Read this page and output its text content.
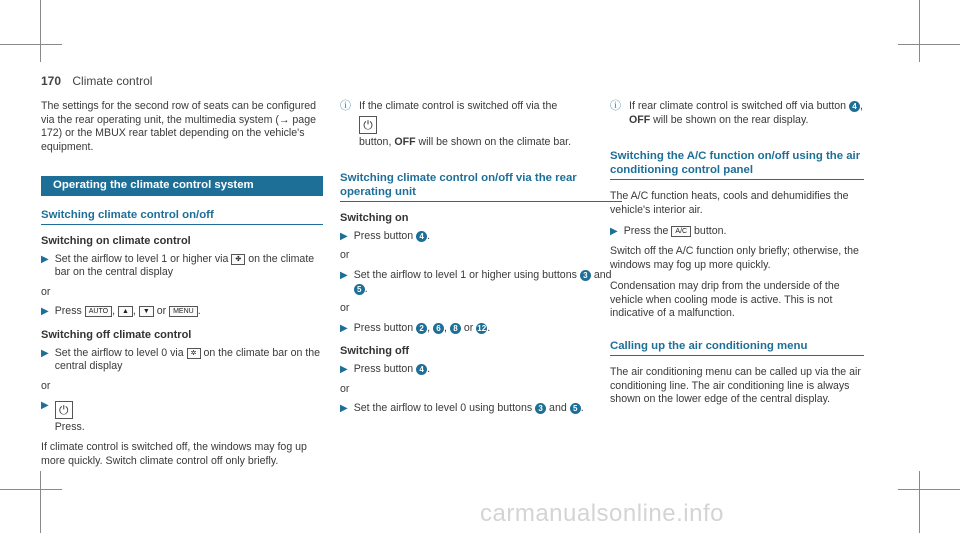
170 Climate control

The settings for the second row of seats can be configured via the rear operating unit, the multimedia system (→ page 172) or the MBUX rear tablet depending on the vehicle's equipment.

Operating the climate control system
Switching climate control on/off
Switching on climate control
▶ Set the airflow to level 1 or higher via ✤ on the climate bar on the central display
or
▶ Press AUTO , ▲ , ▼ or MENU .
Switching off climate control
▶ Set the airflow to level 0 via ✲ on the climate bar on the central display
or
▶ ⏻
Press.

If climate control is switched off, the windows may fog up more quickly. Switch climate control off only briefly.

ⓘ If the climate control is switched off via the
⏻
button, OFF will be shown on the climate bar.
Switching climate control on/off via the rear operating unit
Switching on
▶ Press button 4 .
or
▶ Set the airflow to level 1 or higher using buttons 3 and 5 .
or
▶ Press button 2 , 6 , 8 or 12.
Switching off
▶ Press button 4 .
or
▶ Set the airflow to level 0 using buttons 3 and 5 .
ⓘ If rear climate control is switched off via button 4 , OFF will be shown on the rear display.
Switching the A/C function on/off using the air conditioning control panel

The A/C function heats, cools and dehumidifies the vehicle's interior air.

▶ Press the A/C button.

Switch off the A/C function only briefly; otherwise, the windows may fog up more quickly.

Condensation may drip from the underside of the vehicle when cooling mode is active. This is not indicative of a malfunction.

Calling up the air conditioning menu

The air conditioning menu can be called up via the air conditioning line. The air conditioning line is always shown on the lower edge of the central display.

carmanualsonline.info
